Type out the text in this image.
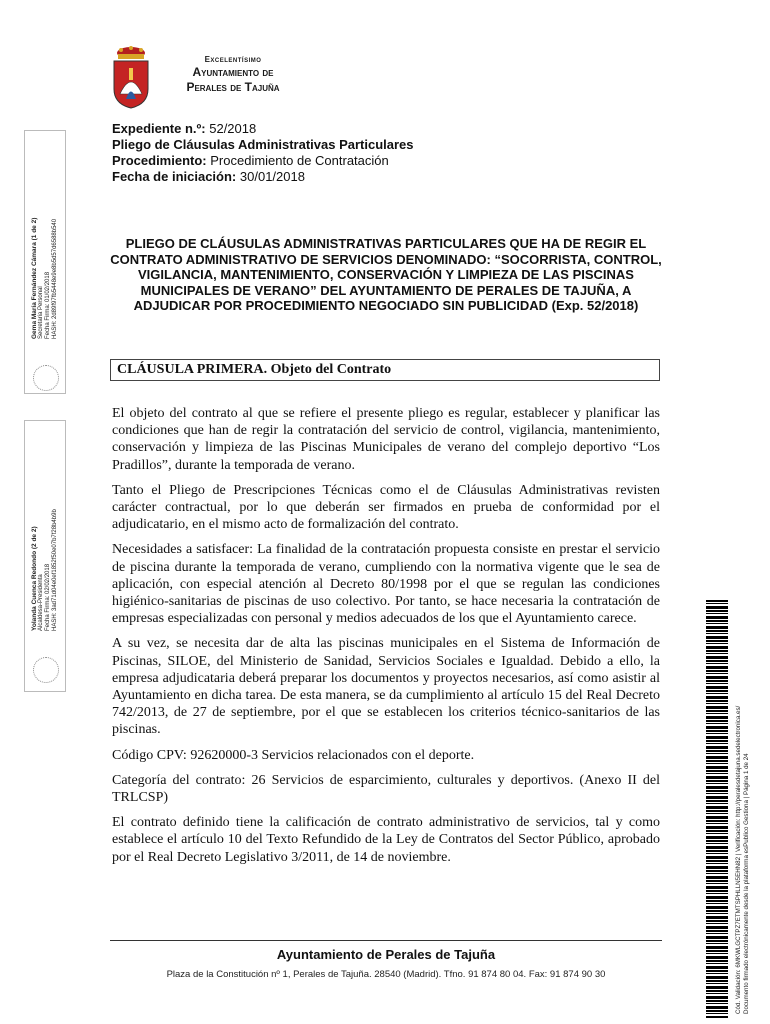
Excelentísimo
Ayuntamiento de
Perales de Tajuña
Gema María Fernández Cámara (1 de 2) Secretaria Personal Fecha Firma: 01/02/2018 HASH: 2d89f97fb5448e9e8b5d57d6588b540
Yolanda Cuenca Redondo (2 de 2) Alcaldesa-Presidenta Fecha Firma: 02/02/2018 HASH: 3ad71d04e0ef1852f50e07b7f28b4b9b
Cód. Validación: 6MKWLGCTPZ7ETMTSPHLLN5EHN82 | Verificación: http://peralesdetajuna.sedelectronica.es/ Documento firmado electrónicamente desde la plataforma esPublico Gestiona | Página 1 de 24
Expediente n.º: 52/2018
Pliego de Cláusulas Administrativas Particulares
Procedimiento: Procedimiento de Contratación
Fecha de iniciación: 30/01/2018
PLIEGO DE CLÁUSULAS ADMINISTRATIVAS PARTICULARES QUE HA DE REGIR EL CONTRATO ADMINISTRATIVO DE SERVICIOS DENOMINADO: “SOCORRISTA, CONTROL, VIGILANCIA, MANTENIMIENTO, CONSERVACIÓN Y LIMPIEZA DE LAS PISCINAS MUNICIPALES DE VERANO” DEL AYUNTAMIENTO DE PERALES DE TAJUÑA, A ADJUDICAR POR PROCEDIMIENTO NEGOCIADO SIN PUBLICIDAD (Exp. 52/2018)
CLÁUSULA PRIMERA. Objeto del Contrato

El objeto del contrato al que se refiere el presente pliego es regular, establecer y planificar las condiciones que han de regir la contratación del servicio de control, vigilancia, mantenimiento, conservación y limpieza de las Piscinas Municipales de verano del complejo deportivo “Los Pradillos”, durante la temporada de verano.

Tanto el Pliego de Prescripciones Técnicas como el de Cláusulas Administrativas revisten carácter contractual, por lo que deberán ser firmados en prueba de conformidad por el adjudicatario, en el mismo acto de formalización del contrato.

Necesidades a satisfacer: La finalidad de la contratación propuesta consiste en prestar el servicio de piscina durante la temporada de verano, cumpliendo con la normativa vigente que le sea de aplicación, con especial atención al Decreto 80/1998 por el que se regulan las condiciones higiénico-sanitarias de piscinas de uso colectivo. Por tanto, se hace necesaria la contratación de empresas especializadas con personal y medios adecuados de los que el Ayuntamiento carece.

A su vez, se necesita dar de alta las piscinas municipales en el Sistema de Información de Piscinas, SILOE, del Ministerio de Sanidad, Servicios Sociales e Igualdad. Debido a ello, la empresa adjudicataria deberá preparar los documentos y proyectos necesarios, así como asistir al Ayuntamiento en dicha tarea. De esta manera, se da cumplimiento al artículo 15 del Real Decreto 742/2013, de 27 de septiembre, por el que se establecen los criterios técnico-sanitarios de las piscinas.

Código CPV: 92620000-3 Servicios relacionados con el deporte.

Categoría del contrato: 26 Servicios de esparcimiento, culturales y deportivos. (Anexo II del TRLCSP)

El contrato definido tiene la calificación de contrato administrativo de servicios, tal y como establece el artículo 10 del Texto Refundido de la Ley de Contratos del Sector Público, aprobado por el Real Decreto Legislativo 3/2011, de 14 de noviembre.

Ayuntamiento de Perales de Tajuña
Plaza de la Constitución nº 1, Perales de Tajuña. 28540 (Madrid). Tfno. 91 874 80 04. Fax: 91 874 90 30
